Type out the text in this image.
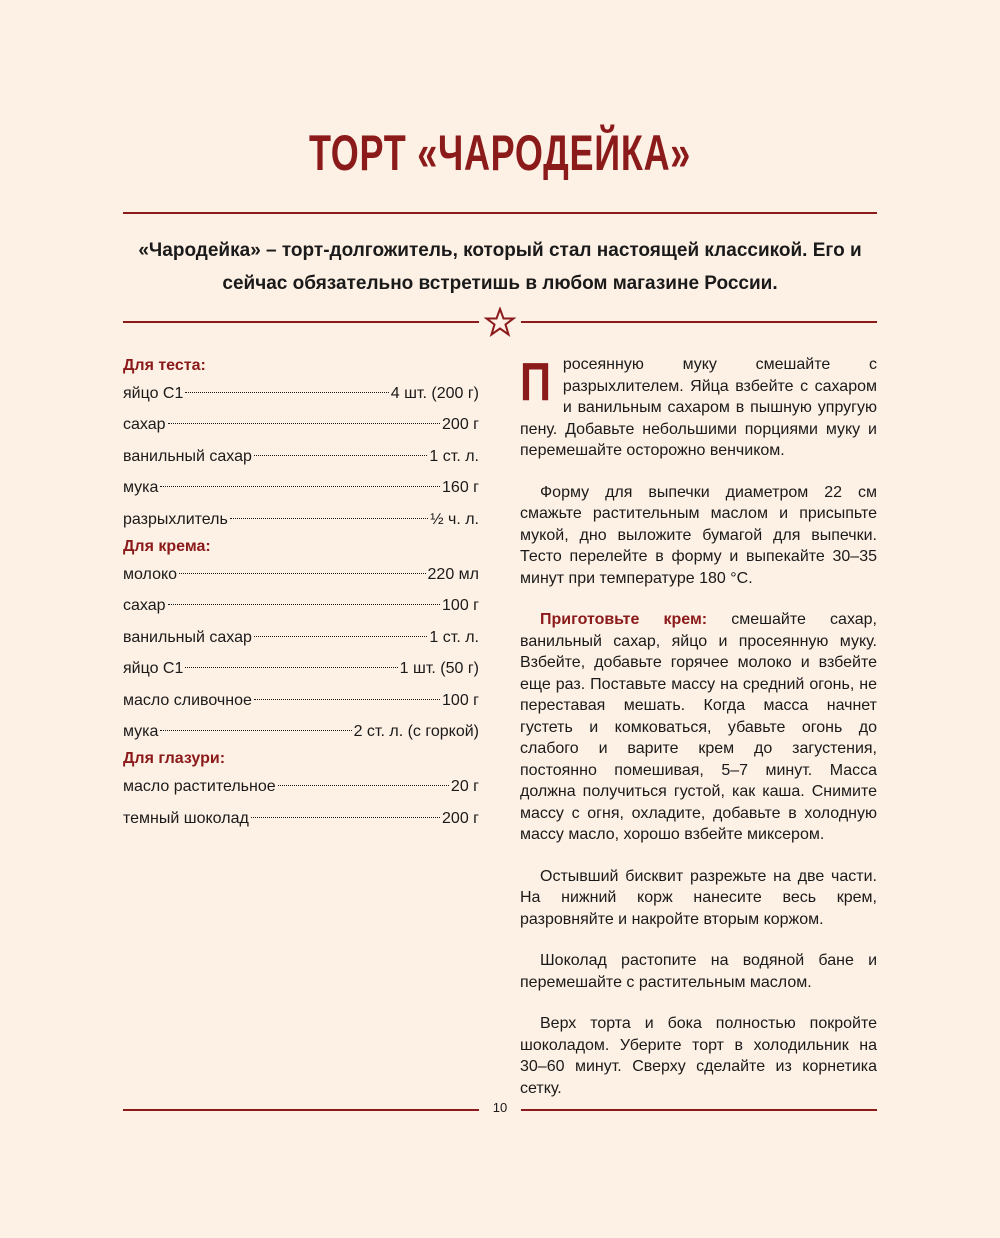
ТОРТ «ЧАРОДЕЙКА»

«Чародейка» – торт-долгожитель, который стал настоящей классикой. Его и сейчас обязательно встретишь в любом магазине России.

Для теста:
яйцо С1	4 шт. (200 г)
сахар	200 г
ванильный сахар	1 ст. л.
мука	160 г
разрыхлитель	½ ч. л.
Для крема:
молоко	220 мл
сахар	100 г
ванильный сахар	1 ст. л.
яйцо С1	1 шт. (50 г)
масло сливочное	100 г
мука	2 ст. л. (с горкой)
Для глазури:
масло растительное	20 г
темный шоколад	200 г

Просеянную муку смешайте с разрыхлителем. Яйца взбейте с сахаром и ванильным сахаром в пышную упругую пену. Добавьте небольшими порциями муку и перемешайте осторожно венчиком.

Форму для выпечки диаметром 22 см смажьте растительным маслом и присыпьте мукой, дно выложите бумагой для выпечки. Тесто перелейте в форму и выпекайте 30–35 минут при температуре 180 °С.

Приготовьте крем: смешайте сахар, ванильный сахар, яйцо и просеянную муку. Взбейте, добавьте горячее молоко и взбейте еще раз. Поставьте массу на средний огонь, не переставая мешать. Когда масса начнет густеть и комковаться, убавьте огонь до слабого и варите крем до загустения, постоянно помешивая, 5–7 минут. Масса должна получиться густой, как каша. Снимите массу с огня, охладите, добавьте в холодную массу масло, хорошо взбейте миксером.

Остывший бисквит разрежьте на две части. На нижний корж нанесите весь крем, разровняйте и накройте вторым коржом.

Шоколад растопите на водяной бане и перемешайте с растительным маслом.

Верх торта и бока полностью покройте шоколадом. Уберите торт в холодильник на 30–60 минут. Сверху сделайте из корнетика сетку.

10
